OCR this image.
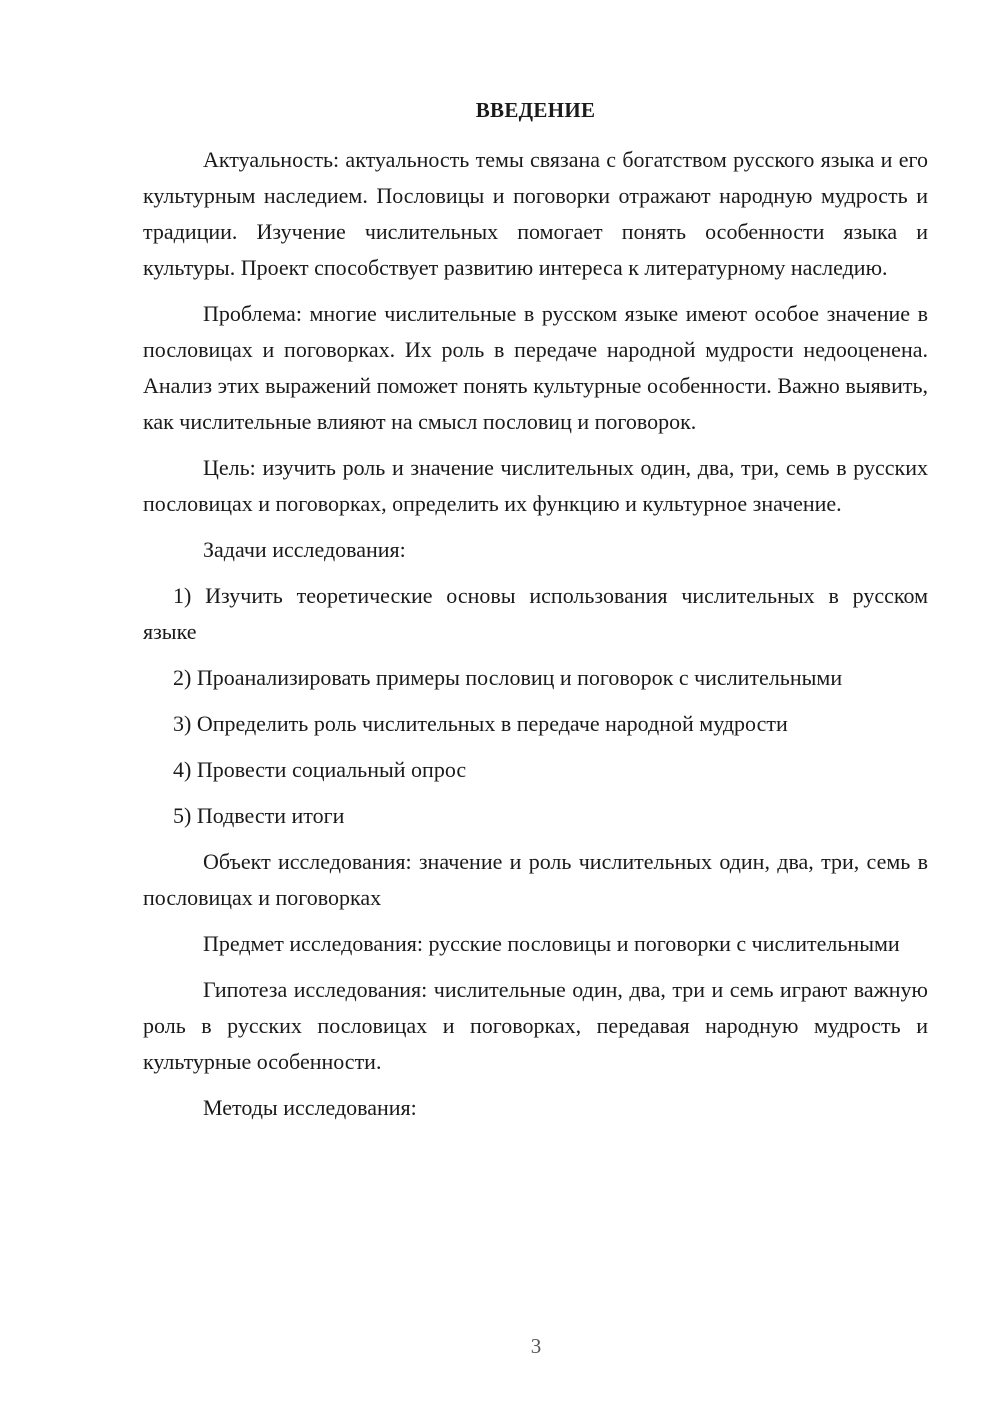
ВВЕДЕНИЕ

Актуальность: актуальность темы связана с богатством русского языка и его культурным наследием. Пословицы и поговорки отражают народную мудрость и традиции. Изучение числительных помогает понять особенности языка и культуры. Проект способствует развитию интереса к литературному наследию.

Проблема: многие числительные в русском языке имеют особое значение в пословицах и поговорках. Их роль в передаче народной мудрости недооценена. Анализ этих выражений поможет понять культурные особенности. Важно выявить, как числительные влияют на смысл пословиц и поговорок.

Цель: изучить роль и значение числительных один, два, три, семь в русских пословицах и поговорках, определить их функцию и культурное значение.

Задачи исследования:

1) Изучить теоретические основы использования числительных в русском языке

2) Проанализировать примеры пословиц и поговорок с числительными

3) Определить роль числительных в передаче народной мудрости

4) Провести социальный опрос

5) Подвести итоги

Объект исследования: значение и роль числительных один, два, три, семь в пословицах и поговорках

Предмет исследования: русские пословицы и поговорки с числительными

Гипотеза исследования: числительные один, два, три и семь играют важную роль в русских пословицах и поговорках, передавая народную мудрость и культурные особенности.

Методы исследования:

3
